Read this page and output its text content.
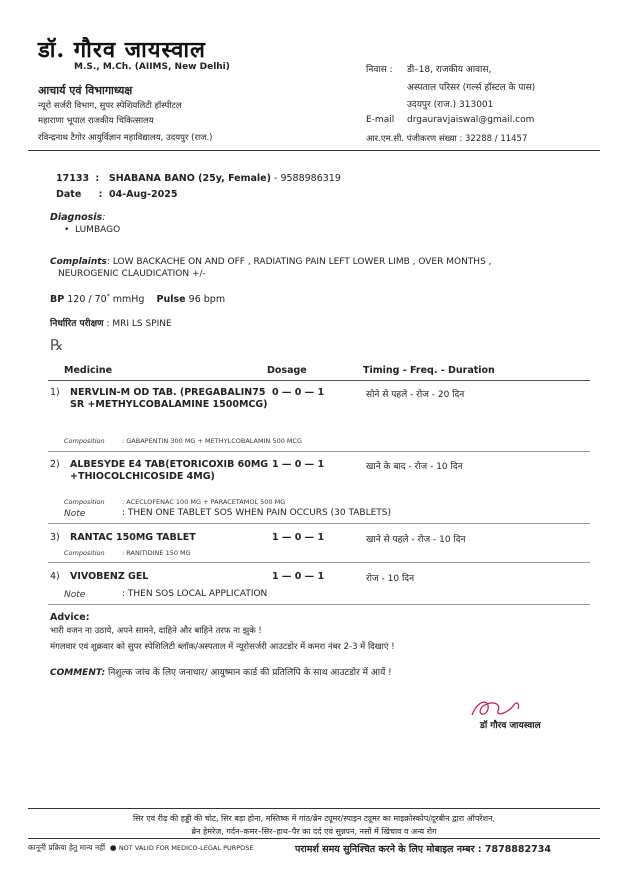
डॉ. गौरव जायस्वाल
M.S., M.Ch. (AIIMS, New Delhi)
आचार्य एवं विभागाध्यक्ष
न्यूरो सर्जरी विभाग, सुपर स्पेशियलिटी हॉस्पीटल
महाराणा भूपाल राजकीय चिकित्सालय
रविन्द्रनाथ टैगोर आयुर्विज्ञान महाविद्यालय, उदयपुर (राज.)
निवास : डी–18, राजकीय आवास,
अस्पताल परिसर (गर्ल्स हॉस्टल के पास)
उदयपुर (राज.) 313001
E-mail drgauravjaiswal@gmail.com
आर.एम.सी. पंजीकरण संख्या : 32288 / 11457
17133  :   SHABANA BANO (25y, Female) - 9588986319
Date :  04-Aug-2025
Diagnosis:
•  LUMBAGO
Complaints: LOW BACKACHE ON AND OFF , RADIATING PAIN LEFT LOWER LIMB , OVER MONTHS ,
NEUROGENIC CLAUDICATION +/-
BP 120 / 70* mmHg Pulse 96 bpm
निर्धारित परीक्षण : MRI LS SPINE
℞
Medicine	Dosage	Timing - Freq. - Duration
1) NERVLIN-M OD TAB. (PREGABALIN75 SR +METHYLCOBALAMINE 1500MCG)
0 — 0 — 1	सोने से पहले - रोज - 20 दिन
Composition	: GABAPENTIN 300 MG + METHYLCOBALAMIN 500 MCG
2) ALBESYDE E4 TAB(ETORICOXIB 60MG +THIOCOLCHICOSIDE 4MG)
1 — 0 — 1	खाने के बाद - रोज - 10 दिन
Composition	: ACECLOFENAC 100 MG + PARACETAMOL 500 MG
Note	: THEN ONE TABLET SOS WHEN PAIN OCCURS (30 TABLETS)
3) RANTAC 150MG TABLET	1 — 0 — 1	खाने से पहले - रोज - 10 दिन
Composition	: RANITIDINE 150 MG
4) VIVOBENZ GEL	1 — 0 — 1	रोज - 10 दिन
Note	: THEN SOS LOCAL APPLICATION
Advice:
भारी वजन ना उठाये, अपने सामने, दाहिने और बाहिने तरफ ना झुके !
मंगलवार एवं शुक्रवार को सुपर स्पेशिलिटी ब्लॉक/अस्पताल में न्यूरोसर्जरी आउटडोर में कमरा नंबर 2-3 में दिखाएं !
COMMENT: निशुल्क जांच के लिए जनाधार/ आयुष्मान कार्ड की प्रतिलिपि के साथ आउटडोर में आयें !
डॉ गौरव जायस्वाल
सिर एवं रीढ़ की हड्डी की चोट, सिर बड़ा होना, मस्तिष्क में गांठ/ब्रेन ट्यूमर/स्पाइन ट्यूमर का माइक्रोस्कोप/दूरबीन द्वारा ऑपरेशन,
ब्रेन हेमरेज, गर्दन–कमर–सिर–हाथ–पैर का दर्द एवं सुन्नपन, नसों में खिंचाव व अन्य रोग
कानूनी प्रक्रिया हेतु मान्य नहीं  ● NOT VALID FOR MEDICO-LEGAL PURPOSE	परामर्श समय सुनिश्चित करने के लिए मोबाइल नम्बर : 7878882734
